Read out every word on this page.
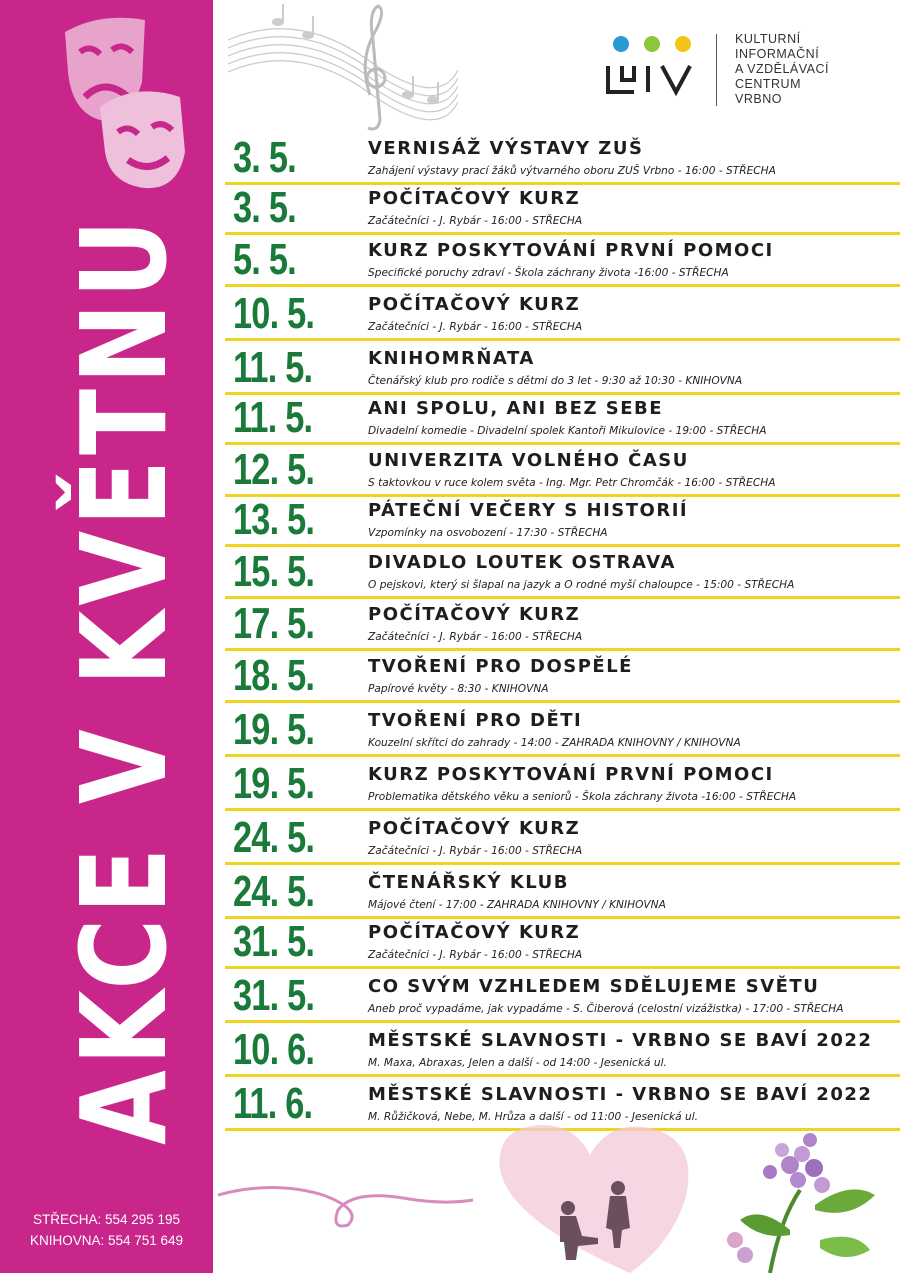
AKCE V KVĚTNU
STŘECHA: 554 295 195
KNIHOVNA: 554 751 649
KULTURNÍ
INFORMAČNÍ
A VZDĚLÁVACÍ
CENTRUM
VRBNO
3. 5.	VERNISÁŽ VÝSTAVY ZUŠ
Zahájení výstavy prací žáků výtvarného oboru ZUŠ Vrbno - 16:00 - STŘECHA
3. 5.	POČÍTAČOVÝ KURZ
Začátečníci - J. Rybár - 16:00 - STŘECHA
5. 5.	KURZ POSKYTOVÁNÍ PRVNÍ POMOCI
Specifické poruchy zdraví - Škola záchrany života -16:00 - STŘECHA
10. 5.	POČÍTAČOVÝ KURZ
Začátečníci - J. Rybár - 16:00 - STŘECHA
11. 5.	KNIHOMRŇATA
Čtenářský klub pro rodiče s dětmi do 3 let - 9:30 až 10:30 - KNIHOVNA
11. 5.	ANI SPOLU, ANI BEZ SEBE
Divadelní komedie - Divadelní spolek Kantoři Mikulovice - 19:00 - STŘECHA
12. 5.	UNIVERZITA VOLNÉHO ČASU
S taktovkou v ruce kolem světa - Ing. Mgr. Petr Chromčák - 16:00 - STŘECHA
13. 5.	PÁTEČNÍ VEČERY S HISTORIÍ
Vzpomínky na osvobození - 17:30 - STŘECHA
15. 5.	DIVADLO LOUTEK OSTRAVA
O pejskovi, který si šlapal na jazyk a O rodné myší chaloupce - 15:00 - STŘECHA
17. 5.	POČÍTAČOVÝ KURZ
Začátečníci - J. Rybár - 16:00 - STŘECHA
18. 5.	TVOŘENÍ PRO DOSPĚLÉ
Papírové květy - 8:30 - KNIHOVNA
19. 5.	TVOŘENÍ PRO DĚTI
Kouzelní skřítci do zahrady - 14:00 - ZAHRADA KNIHOVNY / KNIHOVNA
19. 5.	KURZ POSKYTOVÁNÍ PRVNÍ POMOCI
Problematika dětského věku a seniorů - Škola záchrany života -16:00 - STŘECHA
24. 5.	POČÍTAČOVÝ KURZ
Začátečníci - J. Rybár - 16:00 - STŘECHA
24. 5.	ČTENÁŘSKÝ KLUB
Májové čtení - 17:00 - ZAHRADA KNIHOVNY / KNIHOVNA
31. 5.	POČÍTAČOVÝ KURZ
Začátečníci - J. Rybár - 16:00 - STŘECHA
31. 5.	CO SVÝM VZHLEDEM SDĚLUJEME SVĚTU
Aneb proč vypadáme, jak vypadáme - S. Čiberová (celostní vizážistka) - 17:00 - STŘECHA
10. 6.	MĚSTSKÉ SLAVNOSTI - VRBNO SE BAVÍ 2022
M. Maxa, Abraxas, Jelen a další - od 14:00 - Jesenická ul.
11. 6.	MĚSTSKÉ SLAVNOSTI - VRBNO SE BAVÍ 2022
M. Růžičková, Nebe, M. Hrůza a další - od 11:00 - Jesenická ul.
